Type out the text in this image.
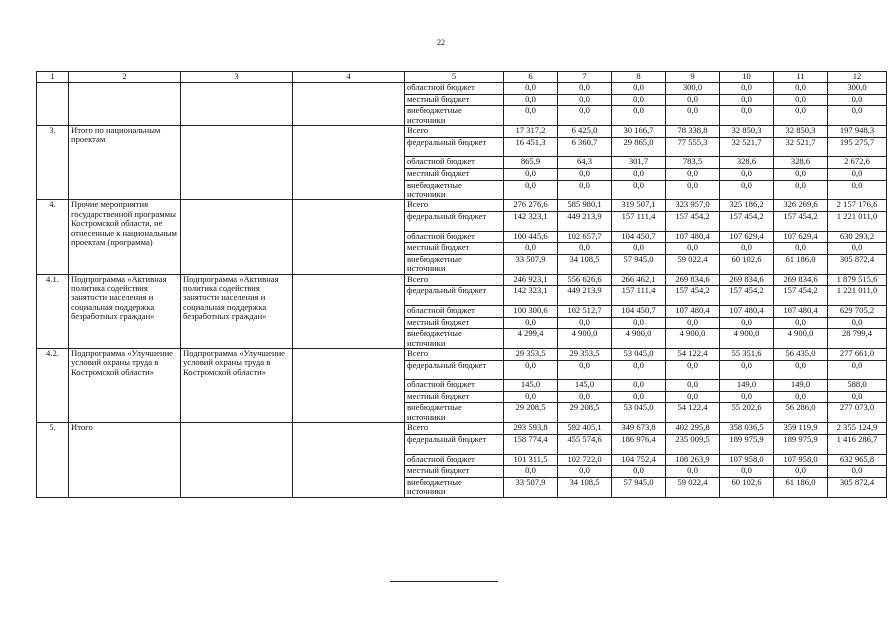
22
1	2	3	4	5	6	7	8	9	10	11	12
				областной бюджет	0,0	0,0	0,0	300,0	0,0	0,0	300,0
				местный бюджет	0,0	0,0	0,0	0,0	0,0	0,0	0,0
				внебюджетные источники	0,0	0,0	0,0	0,0	0,0	0,0	0,0
3.	Итого по национальным проектам			Всего	17 317,2	6 425,0	30 166,7	78 338,8	32 850,3	32 850,3	197 948,3
				федеральный бюджет	16 451,3	6 360,7	29 865,0	77 555,3	32 521,7	32 521,7	195 275,7
				областной бюджет	865,9	64,3	301,7	783,5	328,6	328,6	2 672,6
				местный бюджет	0,0	0,0	0,0	0,0	0,0	0,0	0,0
				внебюджетные источники	0,0	0,0	0,0	0,0	0,0	0,0	0,0
4.	Прочие мероприятия государственной программы Костромской области, не отнесенные к национальным проектам (программа)			Всего	276 276,6	585 980,1	319 507,1	323 957,0	325 186,2	326 269,6	2 157 176,6
				федеральный бюджет	142 323,1	449 213,9	157 111,4	157 454,2	157 454,2	157 454,2	1 221 011,0
				областной бюджет	100 445,6	102 657,7	104 450,7	107 480,4	107 629,4	107 629,4	630 293,2
				местный бюджет	0,0	0,0	0,0	0,0	0,0	0,0	0,0
				внебюджетные источники	33 507,9	34 108,5	57 945,0	59 022,4	60 102,6	61 186,0	305 872,4
4.1.	Подпрограмма «Активная политика содействия занятости населения и социальная поддержка безработных граждан»	Подпрограмма «Активная политика содействия занятости населения и социальная поддержка безработных граждан»		Всего	246 923,1	556 626,6	266 462,1	269 834,6	269 834,6	269 834,6	1 879 515,6
				федеральный бюджет	142 323,1	449 213,9	157 111,4	157 454,2	157 454,2	157 454,2	1 221 011,0
				областной бюджет	100 300,6	102 512,7	104 450,7	107 480,4	107 480,4	107 480,4	629 705,2
				местный бюджет	0,0	0,0	0,0	0,0	0,0	0,0	0,0
				внебюджетные источники	4 299,4	4 900,0	4 900,0	4 900,0	4 900,0	4 900,0	28 799,4
4.2.	Подпрограмма «Улучшение условий охраны труда в Костромской области»	Подпрограмма «Улучшение условий охраны труда в Костромской области»		Всего	29 353,5	29 353,5	53 045,0	54 122,4	55 351,6	56 435,0	277 661,0
				федеральный бюджет	0,0	0,0	0,0	0,0	0,0	0,0	0,0
				областной бюджет	145,0	145,0	0,0	0,0	149,0	149,0	588,0
				местный бюджет	0,0	0,0	0,0	0,0	0,0	0,0	0,0
				внебюджетные источники	29 208,5	29 208,5	53 045,0	54 122,4	55 202,6	56 286,0	277 073,0
5.	Итого			Всего	293 593,8	592 405,1	349 673,8	402 295,8	358 036,5	359 119,9	2 355 124,9
				федеральный бюджет	158 774,4	455 574,6	186 976,4	235 009,5	189 975,9	189 975,9	1 416 286,7
				областной бюджет	101 311,5	102 722,0	104 752,4	108 263,9	107 958,0	107 958,0	632 965,8
				местный бюджет	0,0	0,0	0,0	0,0	0,0	0,0	0,0
				внебюджетные источники	33 507,9	34 108,5	57 945,0	59 022,4	60 102,6	61 186,0	305 872,4
